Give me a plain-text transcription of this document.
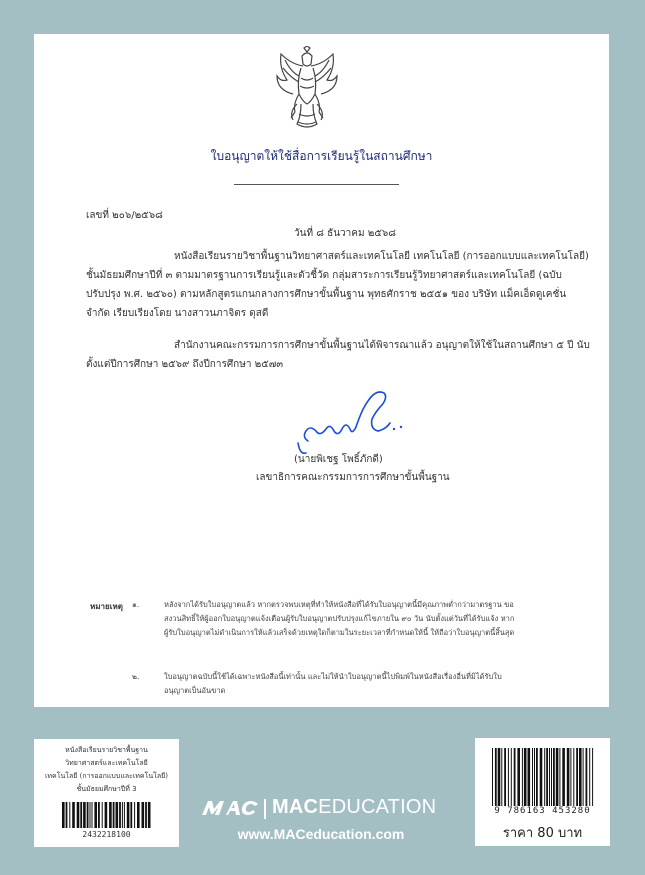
ใบอนุญาตให้ใช้สื่อการเรียนรู้ในสถานศึกษา
เลขที่ ๒๐๖/๒๕๖๘
วันที่ ๘ ธันวาคม ๒๕๖๘
หนังสือเรียนรายวิชาพื้นฐานวิทยาศาสตร์และเทคโนโลยี เทคโนโลยี (การออกแบบและเทคโนโลยี) ชั้นมัธยมศึกษาปีที่ ๓ ตามมาตรฐานการเรียนรู้และตัวชี้วัด กลุ่มสาระการเรียนรู้วิทยาศาสตร์และเทคโนโลยี (ฉบับปรับปรุง พ.ศ. ๒๕๖๐) ตามหลักสูตรแกนกลางการศึกษาขั้นพื้นฐาน พุทธศักราช ๒๕๕๑ ของ บริษัท แม็คเอ็ดดูเคชั่น จำกัด เรียบเรียงโดย นางสาวนภาจิตร ดุสดี
สำนักงานคณะกรรมการการศึกษาขั้นพื้นฐานได้พิจารณาแล้ว อนุญาตให้ใช้ในสถานศึกษา ๕ ปี นับตั้งแต่ปีการศึกษา ๒๕๖๙ ถึงปีการศึกษา ๒๕๗๓
(นายพิเชฐ โพธิ์ภักดี)
เลขาธิการคณะกรรมการการศึกษาขั้นพื้นฐาน
หมายเหตุ ๑.	หลังจากได้รับใบอนุญาตแล้ว หากตรวจพบเหตุที่ทำให้หนังสือที่ได้รับใบอนุญาตนี้มีคุณภาพต่ำกว่ามาตรฐาน ขอสงวนสิทธิ์ให้ผู้ออกใบอนุญาตแจ้งเตือนผู้รับใบอนุญาตปรับปรุงแก้ไขภายใน ๙๐ วัน นับตั้งแต่วันที่ได้รับแจ้ง หากผู้รับใบอนุญาตไม่ดำเนินการให้แล้วเสร็จด้วยเหตุใดก็ตามในระยะเวลาที่กำหนดให้นี้ ให้ถือว่าใบอนุญาตนี้สิ้นสุด
๒.	ใบอนุญาตฉบับนี้ใช้ได้เฉพาะหนังสือนี้เท่านั้น และไม่ให้นำใบอนุญาตนี้ไปพิมพ์ในหนังสือเรื่องอื่นที่มิได้รับใบอนุญาตเป็นอันขาด
หนังสือเรียนรายวิชาพื้นฐาน
วิทยาศาสตร์และเทคโนโลยี
เทคโนโลยี (การออกแบบและเทคโนโลยี)
ชั้นมัธยมศึกษาปีที่ 3
2432218100
MACEDUCATION
www.MACeducation.com
9 786163 453280
ราคา 80 บาท
